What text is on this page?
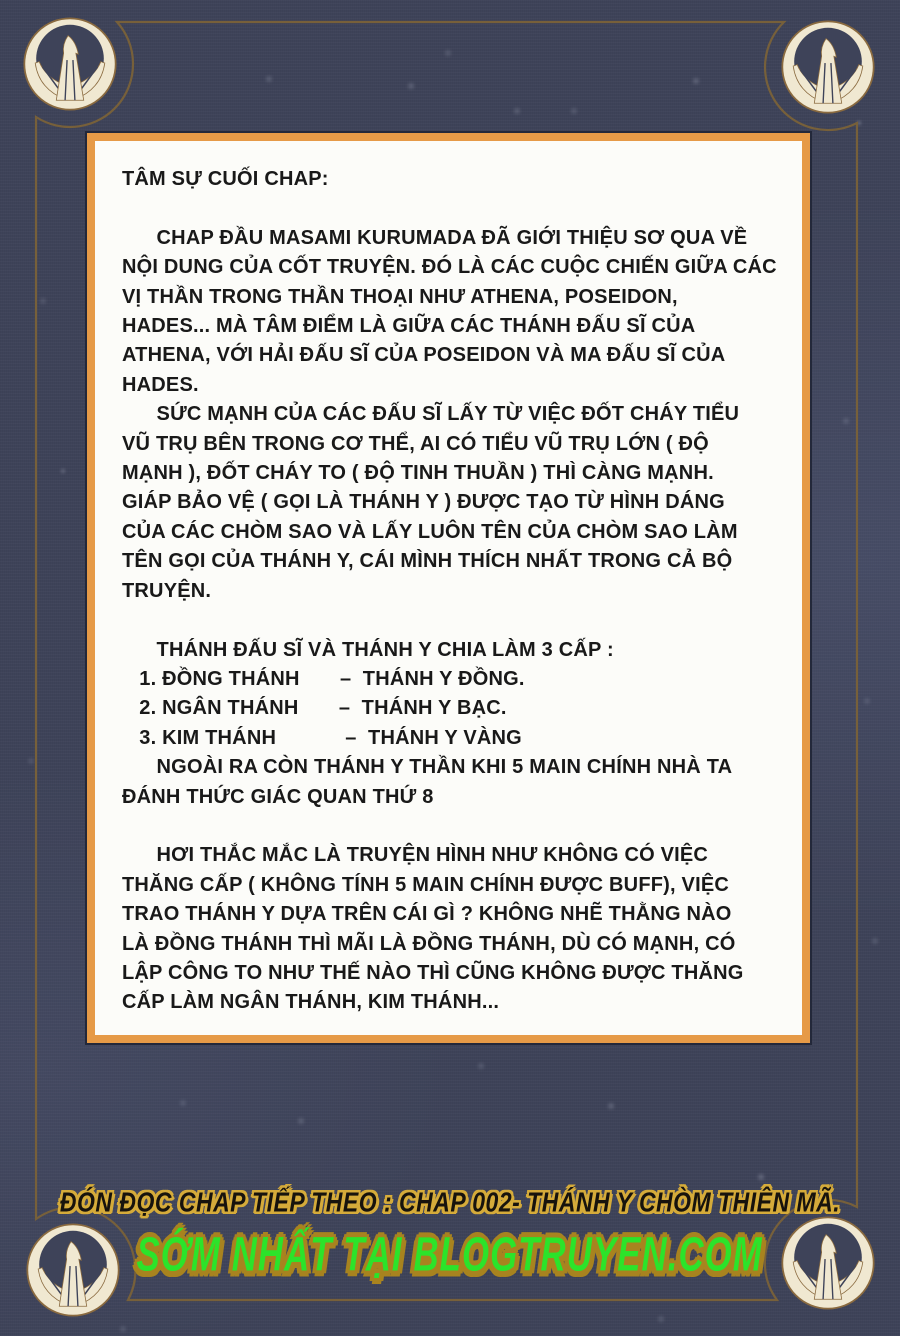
TÂM SỰ CUỐI CHAP:

CHAP ĐẦU MASAMI KURUMADA ĐÃ GIỚI THIỆU SƠ QUA VỀ
NỘI DUNG CỦA CỐT TRUYỆN. ĐÓ LÀ CÁC CUỘC CHIẾN GIỮA CÁC
VỊ THẦN TRONG THẦN THOẠI NHƯ ATHENA, POSEIDON,
HADES... MÀ TÂM ĐIỂM LÀ GIỮA CÁC THÁNH ĐẤU SĨ CỦA
ATHENA, VỚI HẢI ĐẤU SĨ CỦA POSEIDON VÀ MA ĐẤU SĨ CỦA
HADES.
SỨC MẠNH CỦA CÁC ĐẤU SĨ LẤY TỪ VIỆC ĐỐT CHÁY TIỂU
VŨ TRỤ BÊN TRONG CƠ THỂ, AI CÓ TIỂU VŨ TRỤ LỚN ( ĐỘ
MẠNH ), ĐỐT CHÁY TO ( ĐỘ TINH THUẦN ) THÌ CÀNG MẠNH.
GIÁP BẢO VỆ ( GỌI LÀ THÁNH Y ) ĐƯỢC TẠO TỪ HÌNH DÁNG
CỦA CÁC CHÒM SAO VÀ LẤY LUÔN TÊN CỦA CHÒM SAO LÀM
TÊN GỌI CỦA THÁNH Y, CÁI MÌNH THÍCH NHẤT TRONG CẢ BỘ
TRUYỆN.

THÁNH ĐẤU SĨ VÀ THÁNH Y CHIA LÀM 3 CẤP :
1. ĐỒNG THÁNH       –  THÁNH Y ĐỒNG.
2. NGÂN THÁNH       –  THÁNH Y BẠC.
3. KIM THÁNH            –  THÁNH Y VÀNG
NGOÀI RA CÒN THÁNH Y THẦN KHI 5 MAIN CHÍNH NHÀ TA
ĐÁNH THỨC GIÁC QUAN THỨ 8

HƠI THẮC MẮC LÀ TRUYỆN HÌNH NHƯ KHÔNG CÓ VIỆC
THĂNG CẤP ( KHÔNG TÍNH 5 MAIN CHÍNH ĐƯỢC BUFF), VIỆC
TRAO THÁNH Y DỰA TRÊN CÁI GÌ ? KHÔNG NHẼ THẰNG NÀO
LÀ ĐỒNG THÁNH THÌ MÃI LÀ ĐỒNG THÁNH, DÙ CÓ MẠNH, CÓ
LẬP CÔNG TO NHƯ THẾ NÀO THÌ CŨNG KHÔNG ĐƯỢC THĂNG
CẤP LÀM NGÂN THÁNH, KIM THÁNH...
ĐÓN ĐỌC CHAP TIẾP THEO : CHAP 002- THÁNH Y CHÒM THIÊN MÃ.
SỚM NHẤT TẠI BLOGTRUYEN.COM
